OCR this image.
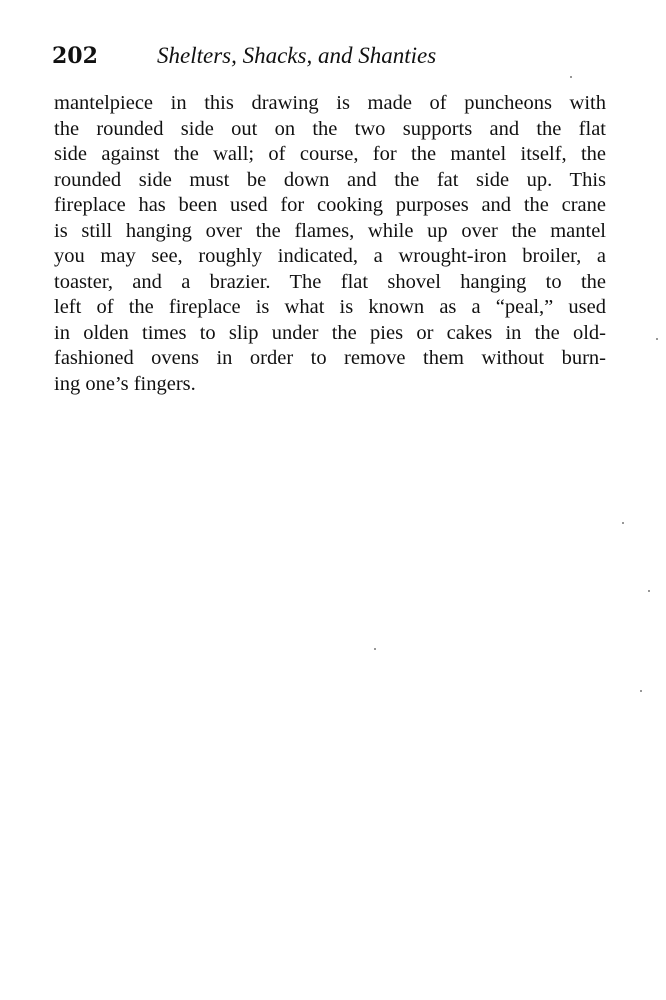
202	Shelters, Shacks, and Shanties
mantelpiece in this drawing is made of puncheons with
the rounded side out on the two supports and the flat
side against the wall; of course, for the mantel itself, the
rounded side must be down and the fat side up. This
fireplace has been used for cooking purposes and the crane
is still hanging over the flames, while up over the mantel
you may see, roughly indicated, a wrought-iron broiler, a
toaster, and a brazier. The flat shovel hanging to the
left of the fireplace is what is known as a “peal,” used
in olden times to slip under the pies or cakes in the old-
fashioned ovens in order to remove them without burn-
ing one’s fingers.
